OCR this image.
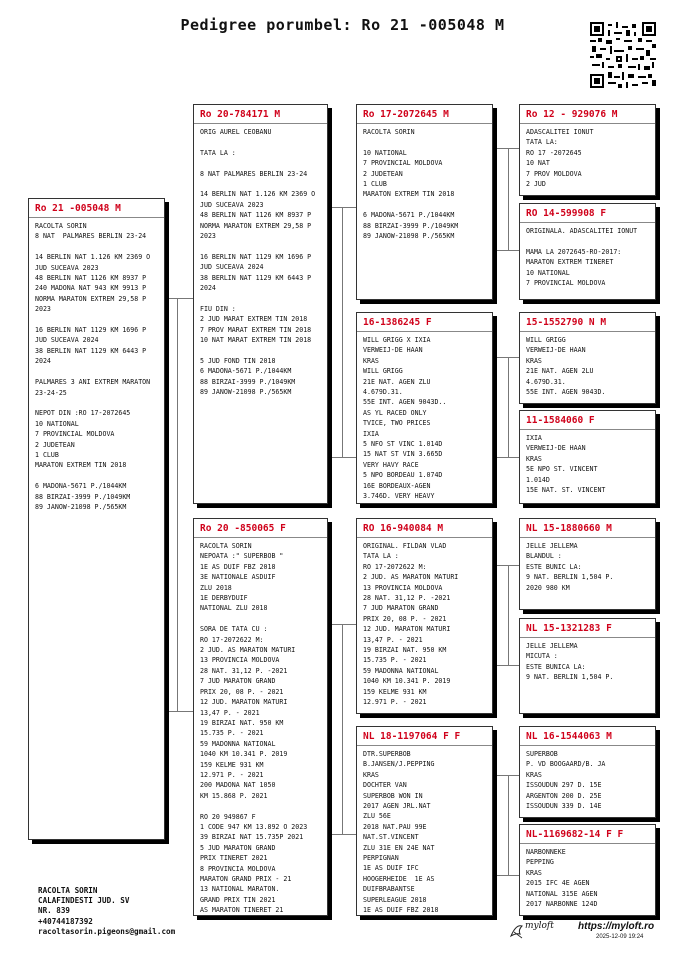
Pedigree porumbel: Ro 21 -005048 M
Ro 21 -005048 M
RACOLTA SORIN
8 NAT  PALMARES BERLIN 23-24

14 BERLIN NAT 1.126 KM 2369 O
JUD SUCEAVA 2023
48 BERLIN NAT 1126 KM 8937 P
240 MADONA NAT 943 KM 9913 P
NORMA MARATON EXTREM 29,58 P
2023

16 BERLIN NAT 1129 KM 1696 P
JUD SUCEAVA 2024
38 BERLIN NAT 1129 KM 6443 P
2024

PALMARES 3 ANI EXTREM MARATON
23-24-25

NEPOT DIN :RO 17-2072645
10 NATIONAL
7 PROVINCIAL MOLDOVA
2 JUDETEAN
1 CLUB
MARATON EXTREM TIN 2018

6 MADONA-5671 P./1044KM
88 BIRZAI-3999 P./1049KM
89 JANOW-21098 P./565KM
Ro 20-784171 M
ORIG AUREL CEOBANU

TATA LA :

8 NAT PALMARES BERLIN 23-24

14 BERLIN NAT 1.126 KM 2369 O
JUD SUCEAVA 2023
48 BERLIN NAT 1126 KM 8937 P
NORMA MARATON EXTREM 29,58 P
2023

16 BERLIN NAT 1129 KM 1696 P
JUD SUCEAVA 2024
38 BERLIN NAT 1129 KM 6443 P
2024

FIU DIN :
2 JUD MARAT EXTREM TIN 2018
7 PROV MARAT EXTREM TIN 2018
10 NAT MARAT EXTREM TIN 2018

5 JUD FOND TIN 2018
6 MADONA-5671 P./1044KM
88 BIRZAI-3999 P./1049KM
89 JANOW-21098 P./565KM
Ro 20 -850065 F
RACOLTA SORIN
NEPOATA :" SUPERBOB "
1E AS DUIF FBZ 2018
3E NATIONALE ASDUIF
ZLU 2018
1E DERBYDUIF
NATIONAL ZLU 2018

SORA DE TATA CU :
RO 17-2072622 M:
2 JUD. AS MARATON MATURI
13 PROVINCIA MOLDOVA
28 NAT. 31,12 P. -2021
7 JUD MARATON GRAND
PRIX 20, 08 P. - 2021
12 JUD. MARATON MATURI
13,47 P. - 2021
19 BIRZAI NAT. 950 KM
15.735 P. - 2021
59 MADONNA NATIONAL
1040 KM 10.341 P. 2019
159 KELME 931 KM
12.971 P. - 2021
200 MADONA NAT 1050
KM 15.868 P. 2021

RO 20 949867 F
1 CODE 947 KM 13.892 O 2023
39 BIRZAI NAT 15.735P 2021
5 JUD MARATON GRAND
PRIX TINERET 2021
8 PROVINCIA MOLDOVA
MARATON GRAND PRIX - 21
13 NATIONAL MARATON.
GRAND PRIX TIN 2021
AS MARATON TINERET 21
Ro 17-2072645 M
RACOLTA SORIN

10 NATIONAL
7 PROVINCIAL MOLDOVA
2 JUDETEAN
1 CLUB
MARATON EXTREM TIN 2018

6 MADONA-5671 P./1044KM
88 BIRZAI-3999 P./1049KM
89 JANOW-21098 P./565KM
16-1386245 F
WILL GRIGG X IXIA
VERWEIJ-DE HAAN
KRAS
WILL GRIGG
21E NAT. AGEN ZLU
4.679D.31.
55E INT. AGEN 9043D..
AS YL RACED ONLY
TVICE, TWO PRICES
IXIA
5 NFO ST VINC 1.014D
15 NAT ST VIN 3.665D
VERY HAVY RACE
5 NPO BORDEAU 1.074D
16E BORDEAUX-AGEN
3.746D. VERY HEAVY
RO 16-940084 M
ORIGINAL. FILDAN VLAD
TATA LA :
RO 17-2072622 M:
2 JUD. AS MARATON MATURI
13 PROVINCIA MOLDOVA
28 NAT. 31,12 P. -2021
7 JUD MARATON GRAND
PRIX 20, 08 P. - 2021
12 JUD. MARATON MATURI
13,47 P. - 2021
19 BIRZAI NAT. 950 KM
15.735 P. - 2021
59 MADONNA NATIONAL
1040 KM 10.341 P. 2019
159 KELME 931 KM
12.971 P. - 2021
NL 18-1197064 F F
DTR.SUPERBOB
B.JANSEN/J.PEPPING
KRAS
DOCHTER VAN
SUPERBOB WON IN
2017 AGEN JRL.NAT
ZLU 56E
2018 NAT.PAU 99E
NAT.ST.VINCENT
ZLU 31E EN 24E NAT
PERPIGNAN
1E AS DUIF IFC
HOOGERHEIDE  1E AS
DUIFBRABANTSE
SUPERLEAGUE 2018
1E AS DUIF FBZ 2018
Ro 12 - 929076 M
ADASCALITEI IONUT
TATA LA:
RO 17 -2072645
10 NAT
7 PROV MOLDOVA
2 JUD
RO 14-599908 F
ORIGINALA. ADASCALITEI IONUT

MAMA LA 2072645-RO-2017:
MARATON EXTREM TINERET
10 NATIONAL
7 PROVINCIAL MOLDOVA
15-1552790 N M
WILL GRIGG
VERWEIJ-DE HAAN
KRAS
21E NAT. AGEN 2LU
4.679D.31.
55E INT. AGEN 9043D.
11-1584060 F
IXIA
VERWEIJ-DE HAAN
KRAS
5E NPO ST. VINCENT
1.014D
15E NAT. ST. VINCENT
NL 15-1880660 M
JELLE JELLEMA
BLANDUL :
ESTE BUNIC LA:
9 NAT. BERLIN 1,504 P.
2020 980 KM
NL 15-1321283 F
JELLE JELLEMA
MICUTA :
ESTE BUNICA LA:
9 NAT. BERLIN 1,504 P.
NL 16-1544063 M
SUPERBOB
P. VD BOOGAARD/B. JA
KRAS
ISSOUDUN 297 D. 15E
ARGENTON 200 D. 25E
ISSOUDUN 339 D. 14E
NL-1169682-14 F F
NARBONNEKE
PEPPING
KRAS
2015 IFC 4E AGEN
NATIONAL 315E AGEN
2017 NARBONNE 124D
RACOLTA SORIN
CALAFINDESTI JUD. SV
NR. 839
+40744187392
racoltasorin.pigeons@gmail.com
myloft https://myloft.ro
2025-12-09 19:24
